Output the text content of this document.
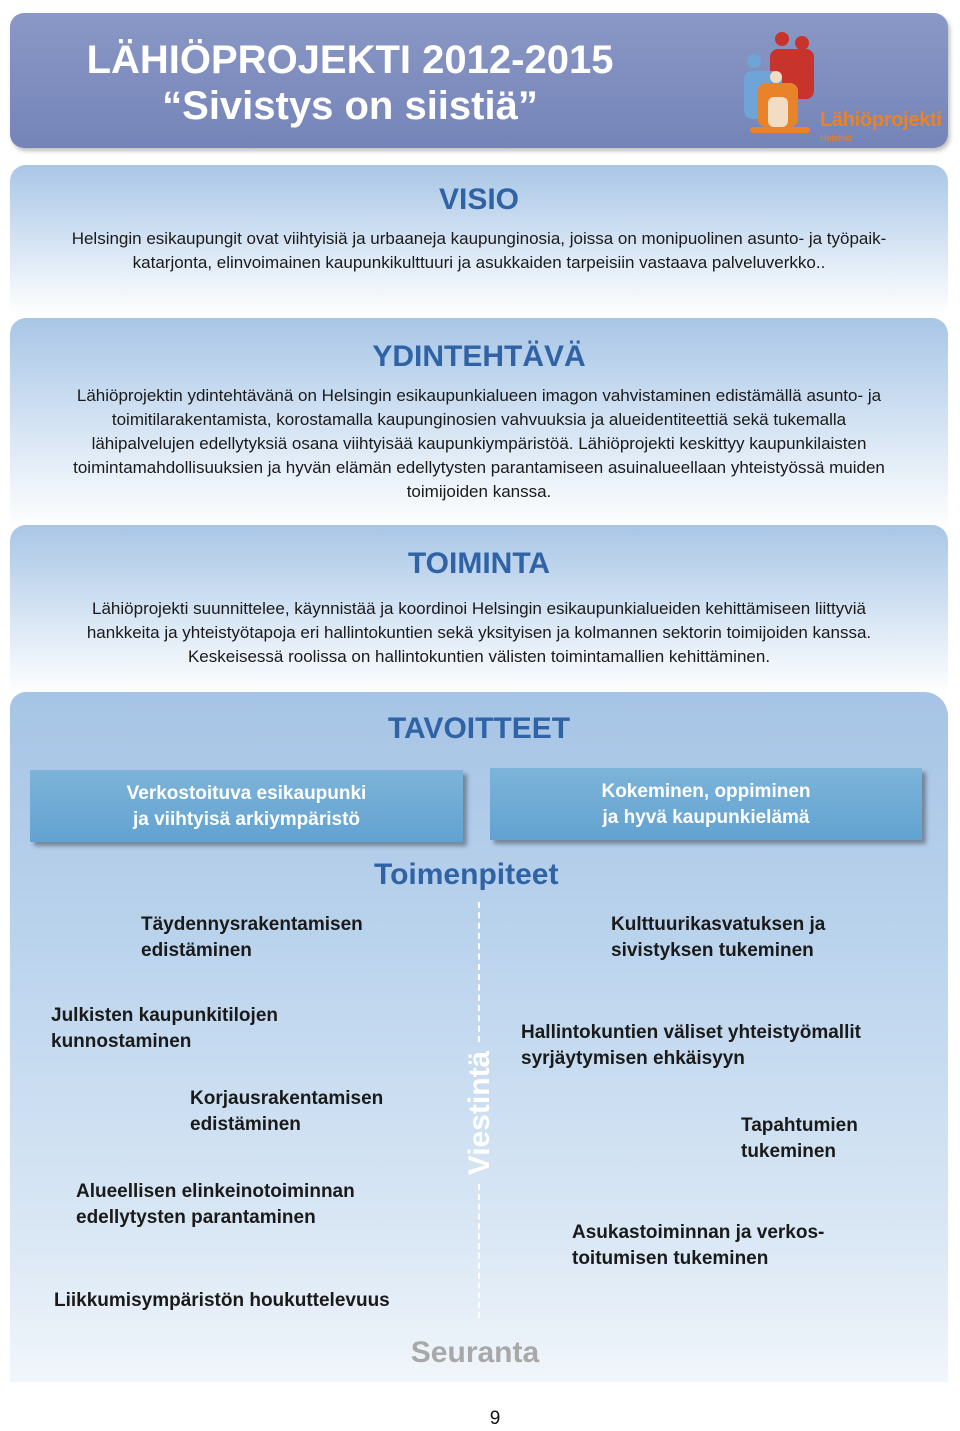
LÄHIÖPROJEKTI 2012-2015
“Sivistys on siistiä”	Lähiöprojekti
Helsinki
VISIO
Helsingin esikaupungit ovat viihtyisiä ja urbaaneja kaupunginosia, joissa on monipuolinen asunto- ja työpaik-
katarjonta, elinvoimainen kaupunkikulttuuri ja asukkaiden tarpeisiin vastaava palveluverkko..
YDINTEHTÄVÄ
Lähiöprojektin ydintehtävänä on Helsingin esikaupunkialueen imagon vahvistaminen edistämällä asunto- ja
toimitilarakentamista, korostamalla kaupunginosien vahvuuksia ja alueidentiteettiä sekä tukemalla
lähipalvelujen edellytyksiä osana viihtyisää kaupunkiympäristöä. Lähiöprojekti keskittyy kaupunkilaisten
toimintamahdollisuuksien ja hyvän elämän edellytysten parantamiseen asuinalueellaan yhteistyössä muiden
toimijoiden kanssa.
TOIMINTA
Lähiöprojekti suunnittelee, käynnistää ja koordinoi Helsingin esikaupunkialueiden kehittämiseen liittyviä
hankkeita ja yhteistyötapoja eri hallintokuntien sekä yksityisen ja kolmannen sektorin toimijoiden kanssa.
Keskeisessä roolissa on hallintokuntien välisten toimintamallien kehittäminen.
TAVOITTEET
Verkostoituva esikaupunki
ja viihtyisä arkiympäristö
Kokeminen, oppiminen
ja hyvä kaupunkielämä
Toimenpiteet
Viestintä
Täydennysrakentamisen
edistäminen
Julkisten kaupunkitilojen
kunnostaminen
Korjausrakentamisen
edistäminen
Alueellisen elinkeinotoiminnan
edellytysten parantaminen
Liikkumisympäristön houkuttelevuus
Kulttuurikasvatuksen ja
sivistyksen tukeminen
Hallintokuntien väliset yhteistyömallit
syrjäytymisen ehkäisyyn
Tapahtumien
tukeminen
Asukastoiminnan ja verkos-
toitumisen tukeminen
Seuranta
9
